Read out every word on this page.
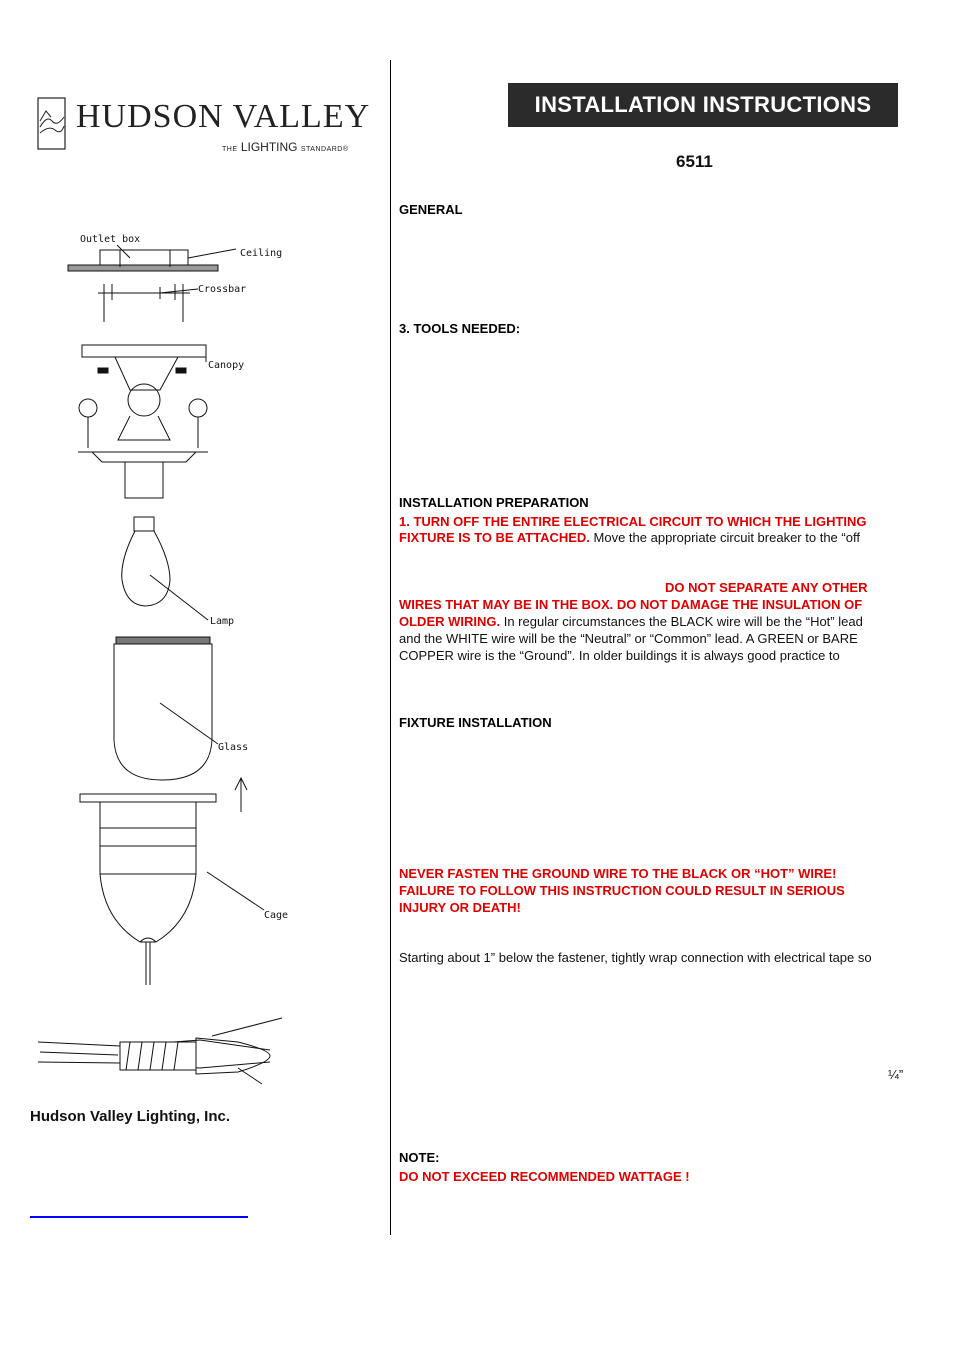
HUDSON VALLEY
THE LIGHTING STANDARD®
INSTALLATION INSTRUCTIONS
6511
GENERAL
3. TOOLS NEEDED:
INSTALLATION PREPARATION
1. TURN OFF THE ENTIRE ELECTRICAL CIRCUIT TO WHICH THE LIGHTING
FIXTURE IS TO BE ATTACHED. Move the appropriate circuit breaker to the “off
DO NOT SEPARATE ANY OTHER
WIRES THAT MAY BE IN THE BOX. DO NOT DAMAGE THE INSULATION OF
OLDER WIRING. In regular circumstances the BLACK wire will be the “Hot” lead
and the WHITE wire will be the “Neutral” or “Common” lead. A GREEN or BARE
COPPER wire is the “Ground”. In older buildings it is always good practice to
FIXTURE INSTALLATION
NEVER FASTEN THE GROUND WIRE TO THE BLACK OR “HOT” WIRE!
FAILURE TO FOLLOW THIS INSTRUCTION COULD RESULT IN SERIOUS
INJURY OR DEATH!
Starting about 1” below the fastener, tightly wrap connection with electrical tape so
¼”
NOTE:
DO NOT EXCEED RECOMMENDED WATTAGE !
Outlet box
Ceiling
Crossbar
Canopy
Lamp
Glass
Cage
Hudson Valley Lighting, Inc.
